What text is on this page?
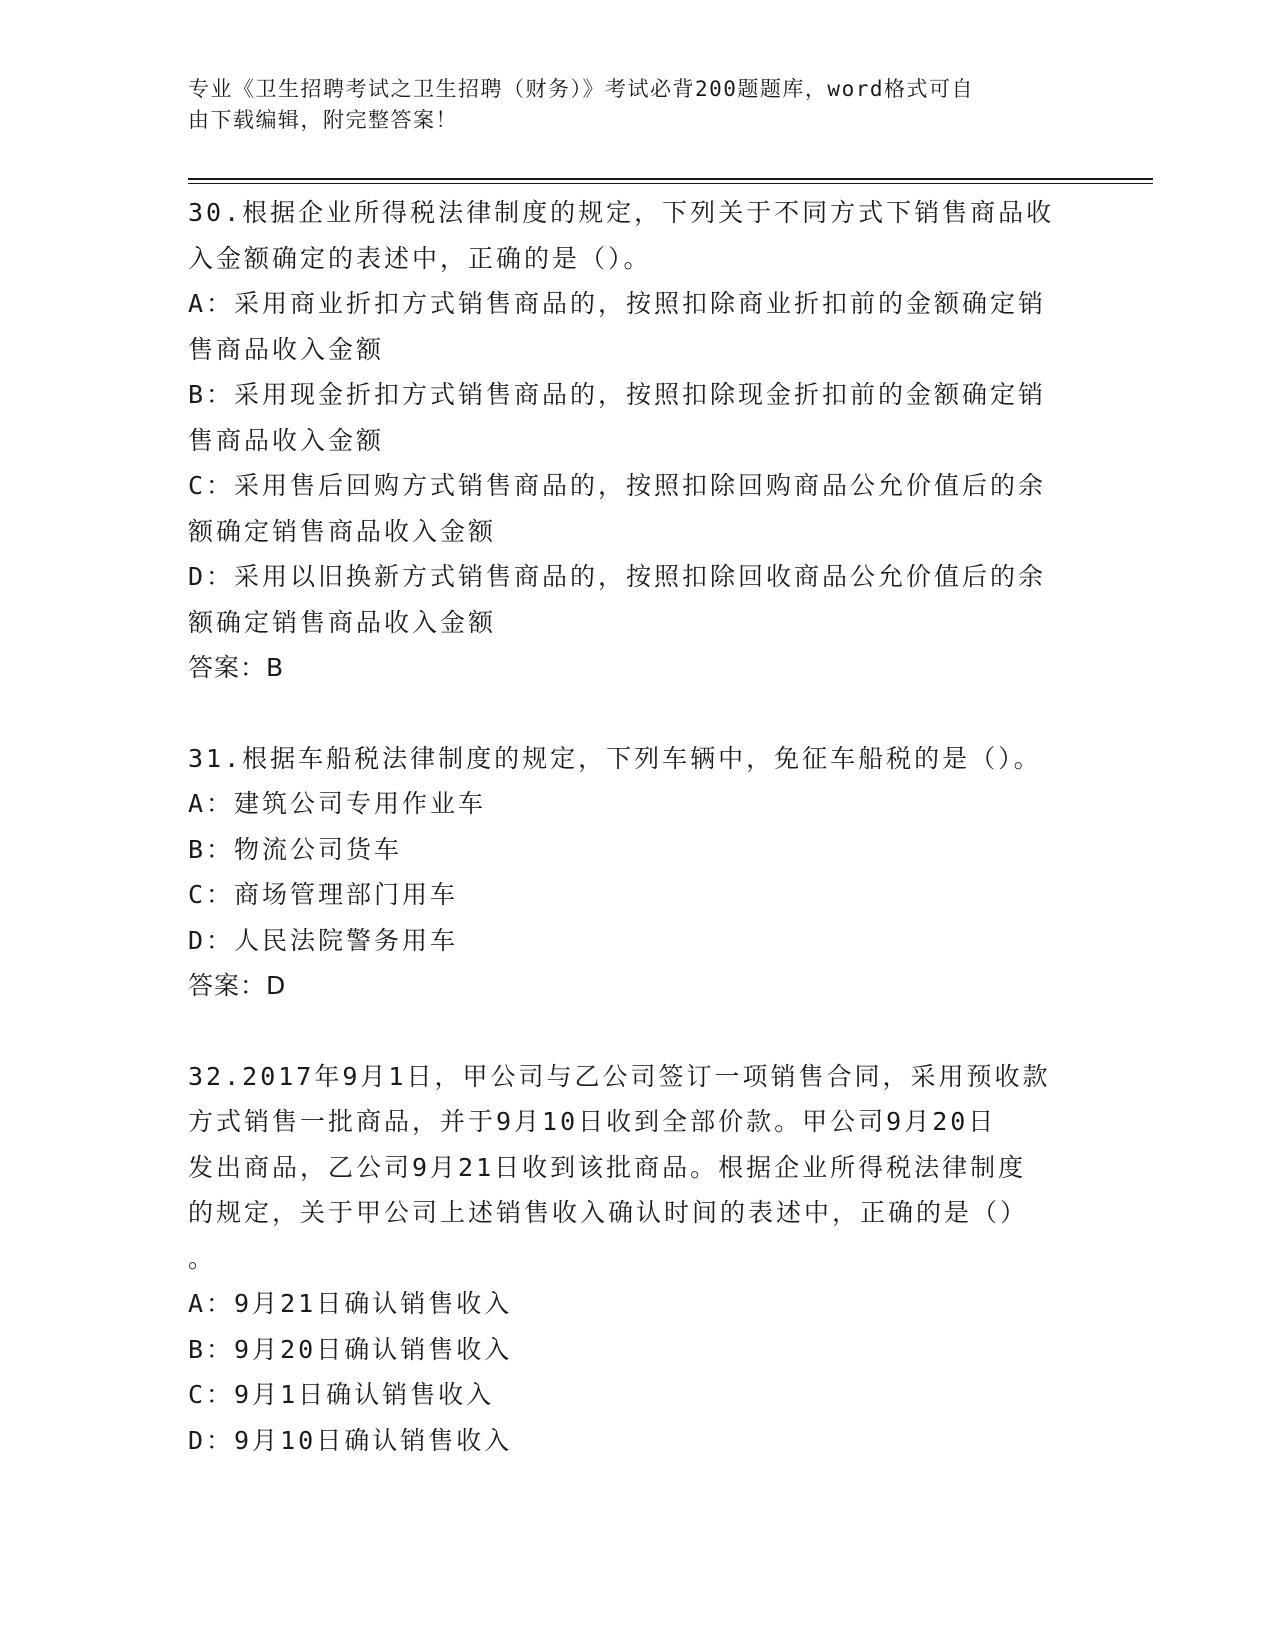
专业《卫生招聘考试之卫生招聘（财务）》考试必背200题题库，word格式可自
由下载编辑，附完整答案！
30.根据企业所得税法律制度的规定，下列关于不同方式下销售商品收
入金额确定的表述中，正确的是（）。
A：采用商业折扣方式销售商品的，按照扣除商业折扣前的金额确定销
售商品收入金额
B：采用现金折扣方式销售商品的，按照扣除现金折扣前的金额确定销
售商品收入金额
C：采用售后回购方式销售商品的，按照扣除回购商品公允价值后的余
额确定销售商品收入金额
D：采用以旧换新方式销售商品的，按照扣除回收商品公允价值后的余
额确定销售商品收入金额
答案：B
31.根据车船税法律制度的规定，下列车辆中，免征车船税的是（）。
A：建筑公司专用作业车
B：物流公司货车
C：商场管理部门用车
D：人民法院警务用车
答案：D
32.2017年9月1日，甲公司与乙公司签订一项销售合同，采用预收款
方式销售一批商品，并于9月10日收到全部价款。甲公司9月20日
发出商品，乙公司9月21日收到该批商品。根据企业所得税法律制度
的规定，关于甲公司上述销售收入确认时间的表述中，正确的是（）
。
A：9月21日确认销售收入
B：9月20日确认销售收入
C：9月1日确认销售收入
D：9月10日确认销售收入
